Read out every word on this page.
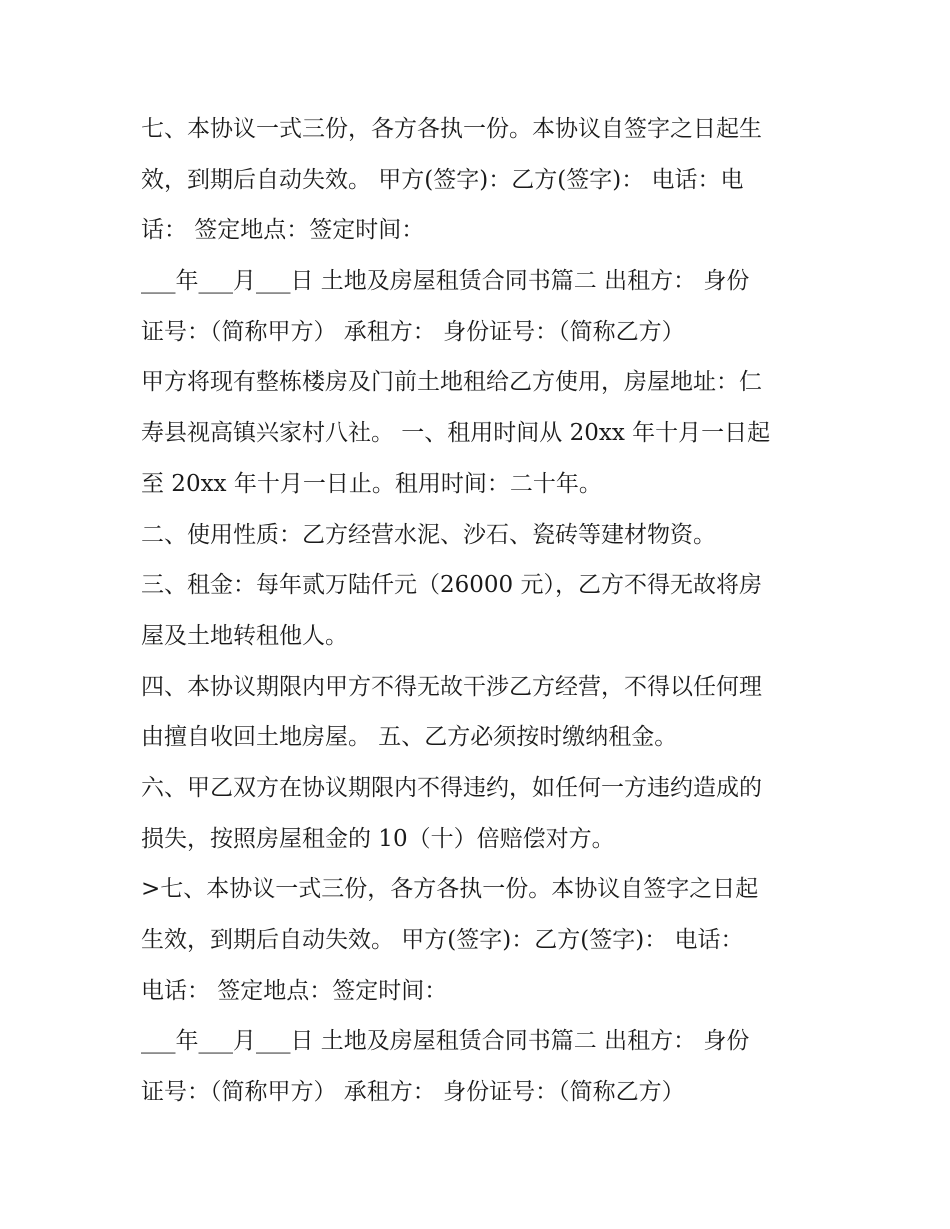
七、本协议一式三份，各方各执一份。本协议自签字之日起生
效，到期后自动失效。 甲方(签字)：乙方(签字)： 电话：电
话： 签定地点：签定时间：
___年___月___日 土地及房屋租赁合同书篇二 出租方： 身份
证号：（简称甲方） 承租方： 身份证号：（简称乙方）
甲方将现有整栋楼房及门前土地租给乙方使用，房屋地址：仁
寿县视高镇兴家村八社。 一、租用时间从 20xx 年十月一日起
至 20xx 年十月一日止。租用时间：二十年。
二、使用性质：乙方经营水泥、沙石、瓷砖等建材物资。
三、租金：每年贰万陆仟元（26000 元），乙方不得无故将房
屋及土地转租他人。
四、本协议期限内甲方不得无故干涉乙方经营，不得以任何理
由擅自收回土地房屋。 五、乙方必须按时缴纳租金。
六、甲乙双方在协议期限内不得违约，如任何一方违约造成的
损失，按照房屋租金的 10（十）倍赔偿对方。
>七、本协议一式三份，各方各执一份。本协议自签字之日起
生效，到期后自动失效。 甲方(签字)：乙方(签字)： 电话：
电话： 签定地点：签定时间：
___年___月___日 土地及房屋租赁合同书篇二 出租方： 身份
证号：（简称甲方） 承租方： 身份证号：（简称乙方）
